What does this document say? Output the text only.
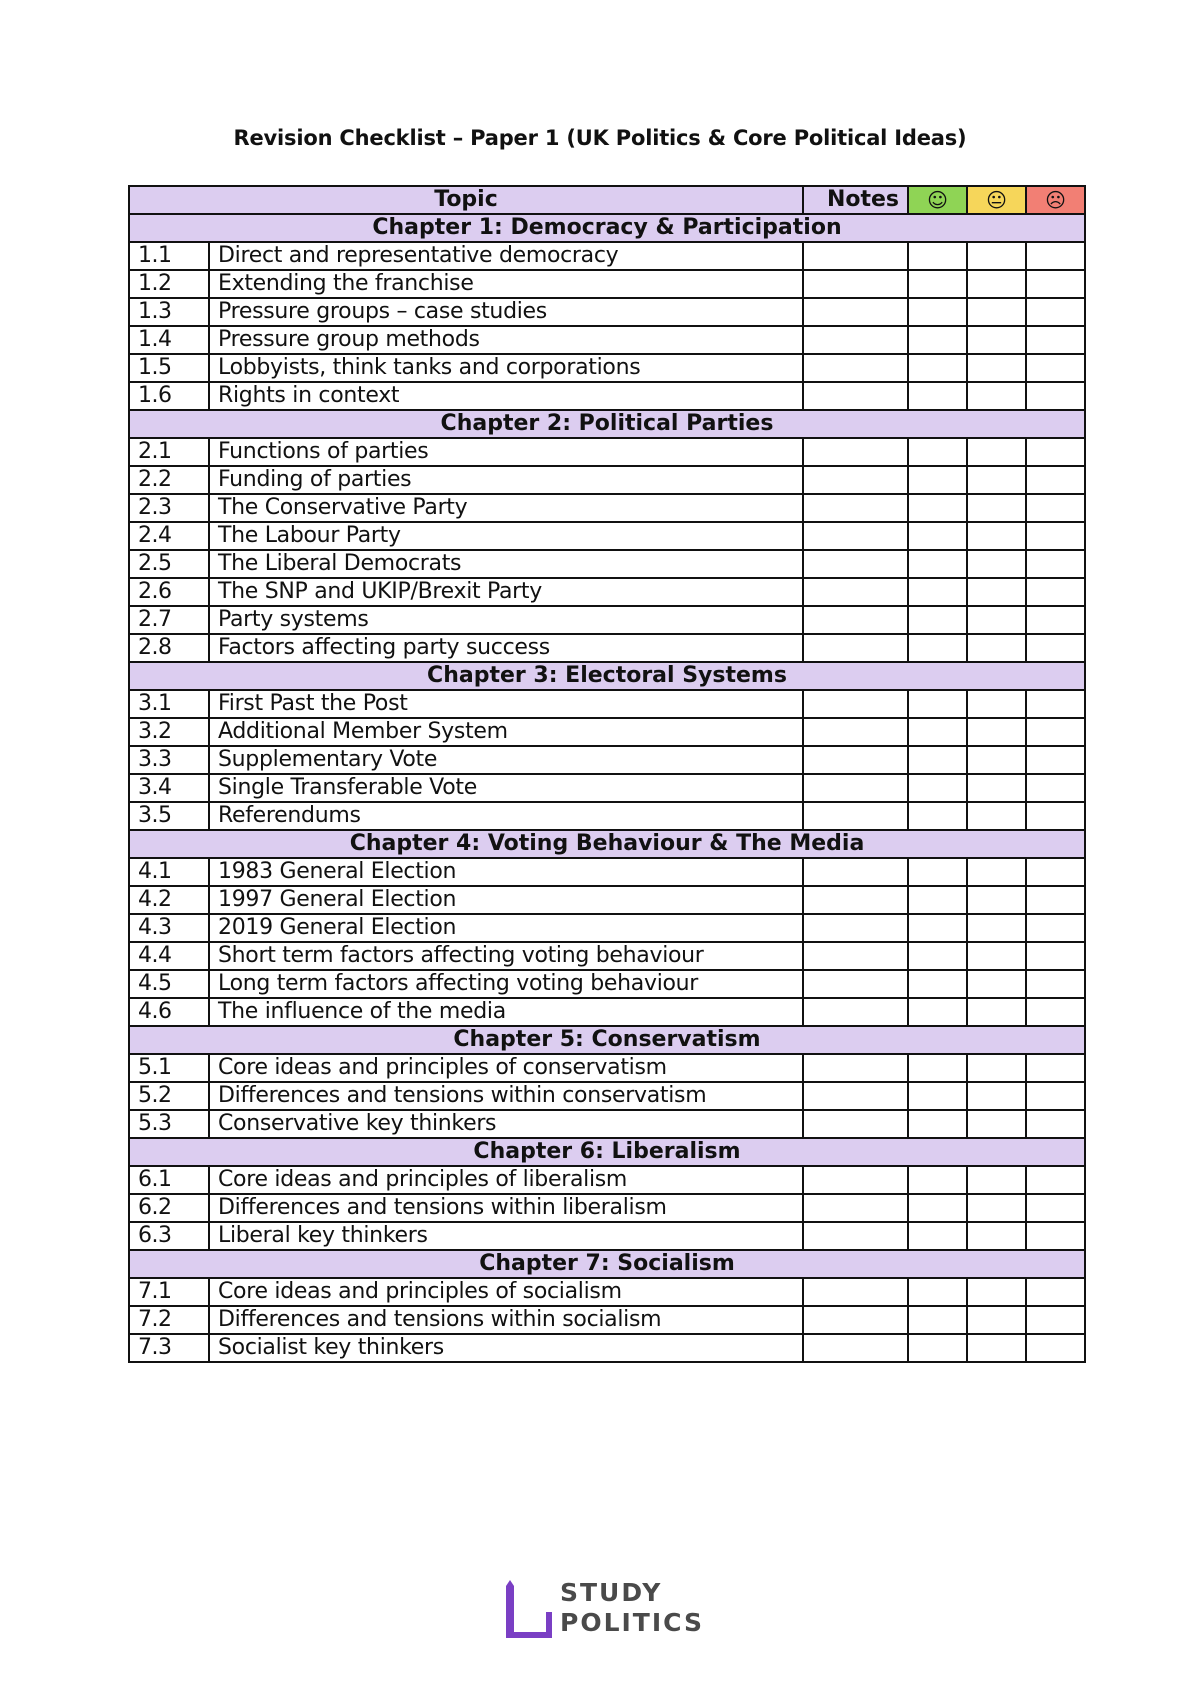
Revision Checklist – Paper 1 (UK Politics & Core Political Ideas)
Topic		Notes	☺	😐	☹
Chapter 1: Democracy & Participation					
1.1	Direct and representative democracy				
1.2	Extending the franchise				
1.3	Pressure groups – case studies				
1.4	Pressure group methods				
1.5	Lobbyists, think tanks and corporations				
1.6	Rights in context				
Chapter 2: Political Parties					
2.1	Functions of parties				
2.2	Funding of parties				
2.3	The Conservative Party				
2.4	The Labour Party				
2.5	The Liberal Democrats				
2.6	The SNP and UKIP/Brexit Party				
2.7	Party systems				
2.8	Factors affecting party success				
Chapter 3: Electoral Systems					
3.1	First Past the Post				
3.2	Additional Member System				
3.3	Supplementary Vote				
3.4	Single Transferable Vote				
3.5	Referendums				
Chapter 4: Voting Behaviour & The Media					
4.1	1983 General Election				
4.2	1997 General Election				
4.3	2019 General Election				
4.4	Short term factors affecting voting behaviour				
4.5	Long term factors affecting voting behaviour				
4.6	The influence of the media				
Chapter 5: Conservatism					
5.1	Core ideas and principles of conservatism				
5.2	Differences and tensions within conservatism				
5.3	Conservative key thinkers				
Chapter 6: Liberalism					
6.1	Core ideas and principles of liberalism				
6.2	Differences and tensions within liberalism				
6.3	Liberal key thinkers				
Chapter 7: Socialism					
7.1	Core ideas and principles of socialism				
7.2	Differences and tensions within socialism				
7.3	Socialist key thinkers				
STUDY
POLITICS
